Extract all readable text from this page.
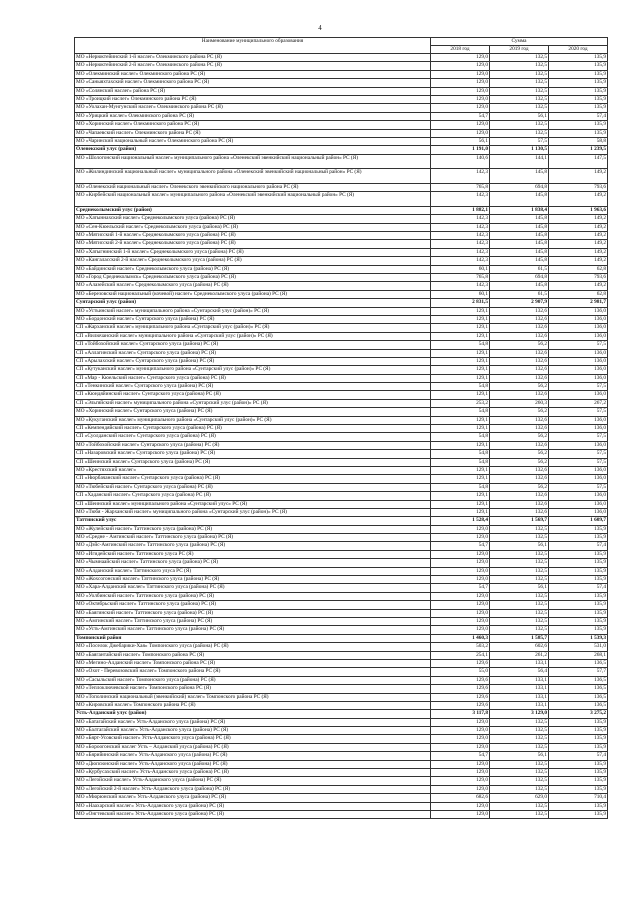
4
Наименование муниципального образования	Сумма		
	2018 год	2019 год	2020 год
МО «Нерюктейинский 1-й наслег» Олекминского района РС (Я)	129,0	132,5	135,9
МО «Нерюктейинский 2-й наслег» Олекминского района РС (Я)	129,0	132,5	135,9
МО «Олекминский наслег» Олекминского района РС (Я)	129,0	132,5	135,9
МО «Саныяхтахский наслег» Олекминского района РС (Я)	129,0	132,5	135,9
МО «Солянский наслег» района РС (Я)	129,0	132,5	135,9
МО «Троицкий наслег» Олекминского района РС (Я)	129,0	132,5	135,9
МО «Уолахан-Мунгунский наслег» Олекминского района РС (Я)	129,0	132,5	135,9
МО «Урицкий наслег» Олекминского района РС (Я)	54,7	56,1	57,4
МО «Хоринский наслег» Олекминского района РС (Я)	129,0	132,5	135,9
МО «Чапаевский наслег» Олекминского района РС (Я)	129,0	132,5	135,9
МО «Чаринский национальный наслег» Олекминского района РС (Я)	56,1	57,5	58,8
Оленекский улус (район)	1 191,0	1 130,5	1 239,5
МО «Шологонский национальный наслег» муниципального района «Оленекский эвенкийский национальный район» РС (Я)	140,6	144,1	147,5
МО «Жилиндинский национальный наслег» муниципального района «Оленекский эвенкийский национальный район» РС (Я)	142,3	145,8	149,2
МО «Оленекский национальный наслег» Оленекского эвенкийского национального района РС (Я)	765,8	694,8	793,6
МО «Кирбейский национальный наслег» муниципального района «Оленекский эвенкийский национальный район» РС (Я)	142,3	145,8	149,2
Среднеколымский улус (район)	1 882,1	1 838,4	1 963,6
МО «Хатыннахский наслег» Среднеколымского улуса (района) РС (Я)	142,3	145,8	149,2
МО «Сен-Кюельский наслег» Среднеколымского улуса (района) РС (Я)	142,3	145,8	149,2
МО «Мятисский 1-й наслег» Среднеколымского улуса (района) РС (Я)	142,3	145,8	149,2
МО «Мятисский 2-й наслег» Среднеколымского улуса (района) РС (Я)	142,3	145,8	149,2
МО «Хатыгнинский 1-й наслег» Среднеколымского улуса (района) РС (Я)	142,3	145,8	149,2
МО «Кангаласский 2-й наслег» Среднеколымского улуса (района) РС (Я)	142,3	145,8	149,2
МО «Байдинский наслег» Среднеколымского улуса (района) РС (Я)	60,1	61,5	62,8
МО «Город Среднеколымск» Среднеколымского улуса (района) РС (Я)	765,8	694,8	793,6
МО «Алазейский наслег» Среднеколымского улуса (района) РС (Я)	142,3	145,8	149,2
МО «Березовский национальный (кочевой) наслег» Среднеколымского улуса (района) РС (Я)	60,1	61,5	62,8
Сунтарский улус (район)	2 831,5	2 907,9	2 981,7
МО «Устьинский наслег» муниципального района «Сунтарский улус (район)» РС (Я)	129,1	132,6	136,0
МО «Бордонский наслег» Сунтарского улуса (района) РС (Я)	129,1	132,6	136,0
СП «Жарханский наслег» муниципального района «Сунтарский улус (район)» РС (Я)	129,1	132,6	136,0
СП «Вилючанский наслег» муниципального района «Сунтарский улус (район)» РС (Я)	129,1	132,6	136,0
СП «Тойбохойский наслег» Сунтарского улуса (района) РС (Я)	54,8	56,2	57,5
СП «Аллагинский наслег» Сунтарского улуса (района) РС (Я)	129,1	132,6	136,0
СП «Арылахский наслег» Сунтарского улуса (района) РС (Я)	129,1	132,6	136,0
СП «Кутуканский наслег» муниципального района «Сунтарский улус (район)» РС (Я)	129,1	132,6	136,0
СП «Мар - Кюельский наслег» Сунтарского улуса (района) РС (Я)	129,1	132,6	136,0
СП «Тенкинский наслег» Сунтарского улуса (района) РС (Я)	54,8	56,2	57,5
СП «Кюндяйинский наслег» Сунтарского улуса (района) РС (Я)	129,1	132,6	136,0
СП «Эльгяйский наслег» муниципального района «Сунтарский улус (район)» РС (Я)	253,2	260,3	267,2
МО «Хоринский наслег» Сунтарского улуса (района) РС (Я)	54,8	56,2	57,5
МО «Кукуганский наслег» муниципального района «Сунтарский улус (район)» РС (Я)	129,1	132,6	136,0
СП «Кемпендяйский наслег» Сунтарского улуса (района) РС (Я)	129,1	132,6	136,0
СП «Суолданский наслег» Сунтарского улуса (района) РС (Я)	54,8	56,2	57,5
МО «Тойбохойский наслег» Сунтарского улуса (района) РС (Я)	129,1	132,6	136,0
СП «Назаровский наслег» Сунтарского улуса (района) РС (Я)	54,8	56,2	57,5
СП «Шеинский наслег» Сунтарского улуса (района) РС (Я)	54,8	56,2	57,5
МО «Крестяхский наслег»	129,1	132,6	136,0
СП «Нюрбачанский наслег» Сунтарского улуса (района) РС (Я)	129,1	132,6	136,0
МО «Тюбейский наслег» Сунтарского улуса (района) РС (Я)	54,8	56,2	57,5
СП «Хаданский наслег» Сунтарского улуса (района) РС (Я)	129,1	132,6	136,0
СП «Шеинский наслег» муниципального района «Сунтарский улус» РС (Я)	129,1	132,6	136,0
МО «Тюбя - Жарханский наслег» муниципального района «Сунтарский улус (район)» РС (Я)	129,1	132,6	136,0
Таттинский улус	1 528,4	1 569,7	1 609,7
МО «Жулейский наслег» Таттинского улуса (района) РС (Я)	129,0	132,5	135,9
МО «Средне - Амгинский наслег» Таттинского улуса (района) РС (Я)	129,0	132,5	135,9
МО «Дэйс-Амгинский наслег» Таттинского улуса (района) РС (Я)	54,7	56,1	57,4
МО «Игидейский наслег» Таттинского улуса РС (Я)	129,0	132,5	135,9
МО «Чымнаайский наслег» Таттинского улуса (района) РС (Я)	129,0	132,5	135,9
МО «Алданский наслег» Таттинского улуса РС (Я)	129,0	132,5	135,9
МО «Жохсогонский наслег» Таттинского улуса (района) РС (Я)	129,0	132,5	135,9
МО «Хара-Алданский наслег» Таттинского улуса (района) РС (Я)	54,7	56,1	57,4
МО «Уолбинский наслег» Таттинского улуса (района) РС (Я)	129,0	132,5	135,9
МО «Октябрьский наслег» Таттинского улуса (района) РС (Я)	129,0	132,5	135,9
МО «Баягинский наслег» Таттинского улуса (района) РС (Я)	129,0	132,5	135,9
МО «Амгинский наслег» Таттинского улуса (района) РС (Я)	129,0	132,5	135,9
МО «Усть-Амгинский наслег» Таттинского улуса (района) РС (Я)	129,0	132,5	135,9
Томпонский район	1 460,3	1 585,7	1 539,3
МО «Поселок Джебарики-Хая» Томпонского улуса (района) РС (Я)	503,2	602,6	531,0
МО «Баягантайский наслег» Томпонского района РС (Я)	254,1	261,2	268,1
МО «Мегино-Алданский наслег» Томпонского района РС (Я)	129,6	133,1	136,5
МО «Охот - Перевозовский наслег» Томпонского района РС (Я)	55,0	56,4	57,7
МО «Сасыльский наслег» Томпонского улуса (района) РС (Я)	129,6	133,1	136,5
МО «Теплоключевской наслег» Томпонского района РС (Я)	129,6	133,1	136,5
МО «Тополинский национальный (эвенкийский) наслег» Томпонского района РС (Я)	129,6	133,1	136,5
МО «Кировский наслег» Томпонского района РС (Я)	129,6	133,1	136,5
Усть-Алданский улус (район)	3 117,8	3 129,0	3 275,2
МО «Батагайский наслег» Усть-Алданского улуса (района) РС (Я)	129,0	132,5	135,9
МО «Балтагайский наслег» Усть-Алданского улуса (района) РС (Я)	129,0	132,5	135,9
МО «Бярт-Усовский наслег» Усть-Алданского улуса (района) РС (Я)	129,0	132,5	135,9
МО «Бороогонский наслег Усть – Алданский улуса (района) РС (Я)	129,0	132,5	135,9
МО «Бярийинский наслег» Усть-Алданского улуса (района) РС (Я)	54,7	56,1	57,4
МО «Дюпсюнский наслег» Усть-Алданского улуса (района) РС (Я)	129,0	132,5	135,9
МО «Курбусахский наслег» Усть-Алданского улуса (района) РС (Я)	129,0	132,5	135,9
МО «Легойский наслег» Усть-Алданского улуса (района) РС (Я)	129,0	132,5	135,9
МО «Легойский 2-й наслег» Усть-Алданского улуса (района) РС (Я)	129,0	132,5	135,9
МО «Мюрюнский наслег» Усть-Алданского улуса (района) РС (Я)	682,6	629,0	710,4
МО «Наахарский наслег» Усть-Алданского улуса (района) РС (Я)	129,0	132,5	135,9
МО «Онгтевский наслег» Усть-Алданского улуса (района) РС (Я)	129,0	132,5	135,9
